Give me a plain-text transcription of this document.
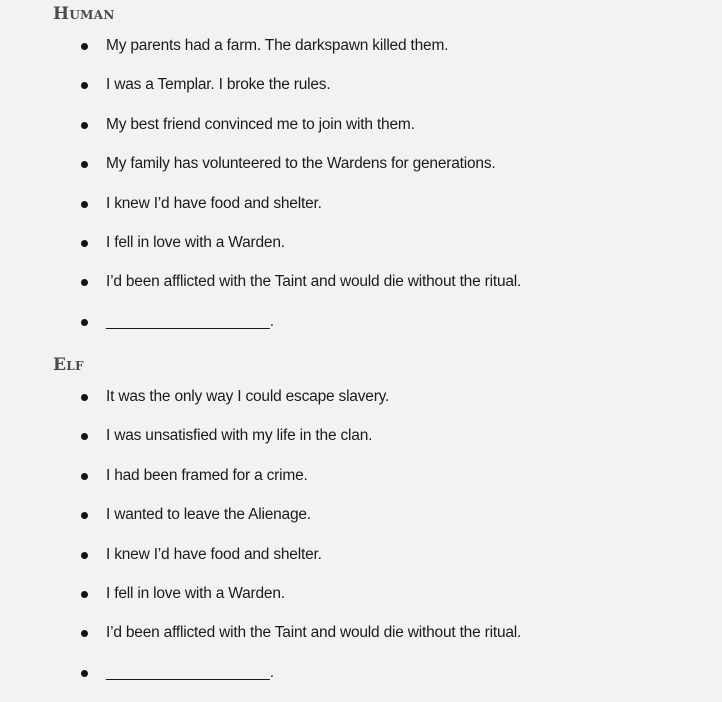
Human
My parents had a farm. The darkspawn killed them.
I was a Templar. I broke the rules.
My best friend convinced me to join with them.
My family has volunteered to the Wardens for generations.
I knew I’d have food and shelter.
I fell in love with a Warden.
I’d been afflicted with the Taint and would die without the ritual.
___________________.
Elf
It was the only way I could escape slavery.
I was unsatisfied with my life in the clan.
I had been framed for a crime.
I wanted to leave the Alienage.
I knew I’d have food and shelter.
I fell in love with a Warden.
I’d been afflicted with the Taint and would die without the ritual.
___________________.
